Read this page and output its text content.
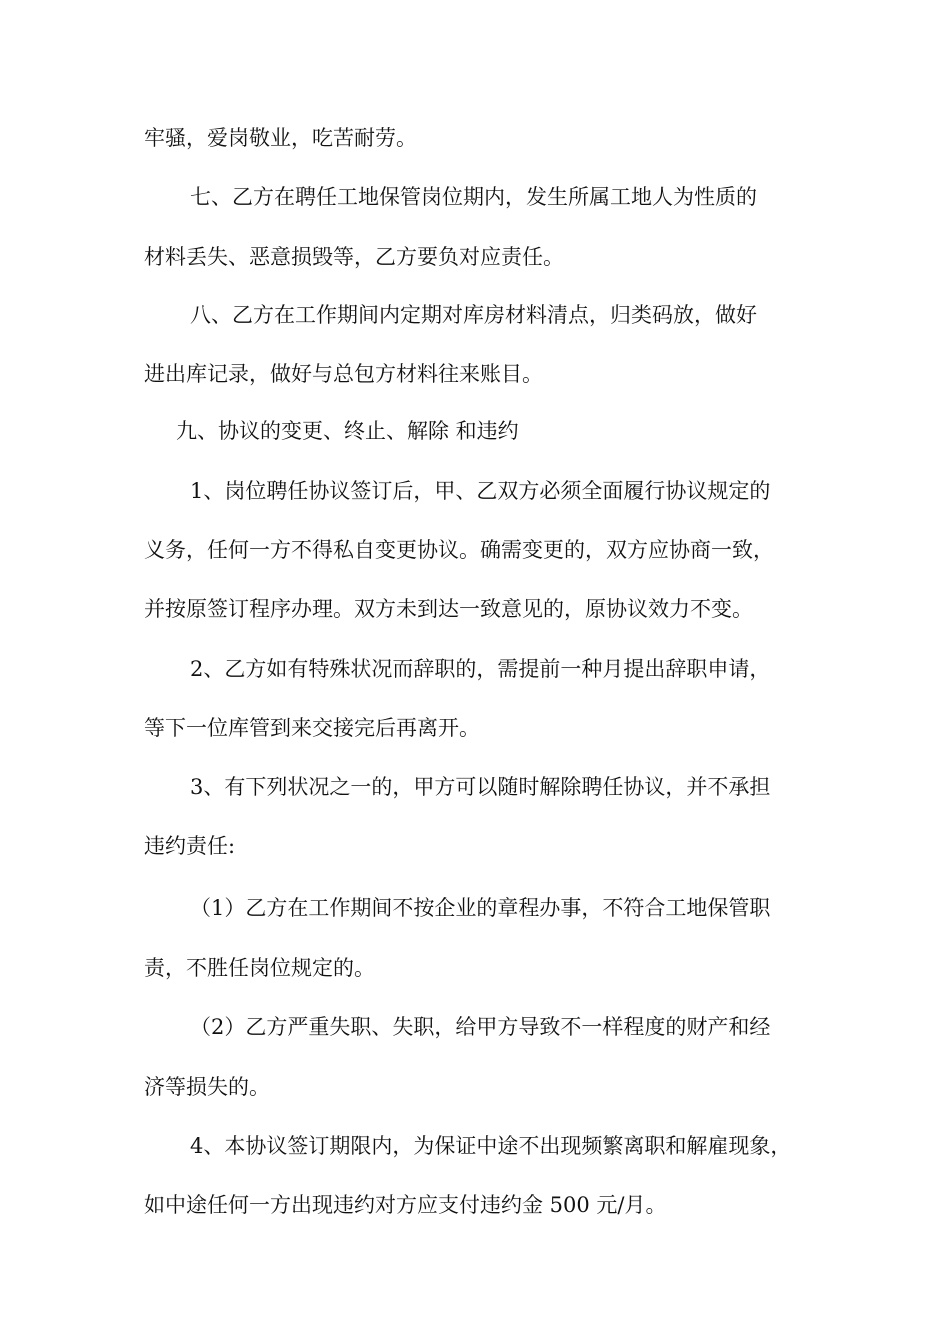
牢骚，爱岗敬业，吃苦耐劳。
七、乙方在聘任工地保管岗位期内，发生所属工地人为性质的
材料丢失、恶意损毁等，乙方要负对应责任。
八、乙方在工作期间内定期对库房材料清点，归类码放，做好
进出库记录，做好与总包方材料往来账目。
九、协议的变更、终止、解除 和违约
1、岗位聘任协议签订后，甲、乙双方必须全面履行协议规定的
义务，任何一方不得私自变更协议。确需变更的，双方应协商一致，
并按原签订程序办理。双方未到达一致意见的，原协议效力不变。
2、乙方如有特殊状况而辞职的，需提前一种月提出辞职申请，
等下一位库管到来交接完后再离开。
3、有下列状况之一的，甲方可以随时解除聘任协议，并不承担
违约责任:
（1）乙方在工作期间不按企业的章程办事，不符合工地保管职
责，不胜任岗位规定的。
（2）乙方严重失职、失职，给甲方导致不一样程度的财产和经
济等损失的。
4、本协议签订期限内，为保证中途不出现频繁离职和解雇现象，
如中途任何一方出现违约对方应支付违约金 500 元/月。
